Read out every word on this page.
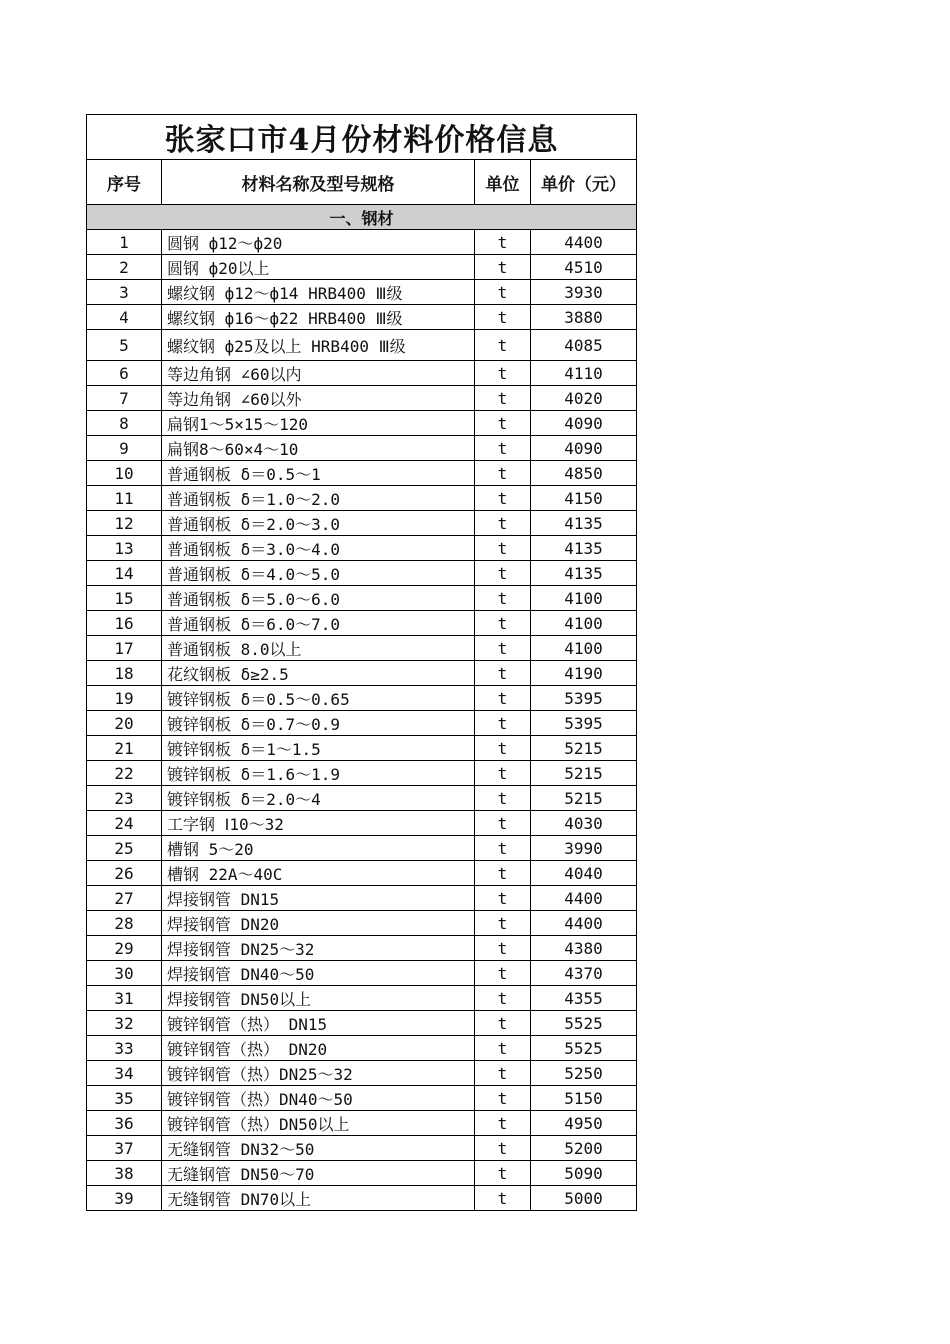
张家口市4月份材料价格信息			
序号	材料名称及型号规格	单位	单价（元）
一、钢材			
1	圆钢 ф12～ф20	t	4400
2	圆钢 ф20以上	t	4510
3	螺纹钢 ф12～ф14 HRB400 Ⅲ级	t	3930
4	螺纹钢 ф16～ф22 HRB400 Ⅲ级	t	3880
5	螺纹钢 ф25及以上 HRB400 Ⅲ级	t	4085
6	等边角钢 ∠60以内	t	4110
7	等边角钢 ∠60以外	t	4020
8	扁钢1～5×15～120	t	4090
9	扁钢8～60×4～10	t	4090
10	普通钢板 δ＝0.5～1	t	4850
11	普通钢板 δ＝1.0～2.0	t	4150
12	普通钢板 δ＝2.0～3.0	t	4135
13	普通钢板 δ＝3.0～4.0	t	4135
14	普通钢板 δ＝4.0～5.0	t	4135
15	普通钢板 δ＝5.0～6.0	t	4100
16	普通钢板 δ＝6.0～7.0	t	4100
17	普通钢板 8.0以上	t	4100
18	花纹钢板 δ≥2.5	t	4190
19	镀锌钢板 δ＝0.5～0.65	t	5395
20	镀锌钢板 δ＝0.7～0.9	t	5395
21	镀锌钢板 δ＝1～1.5	t	5215
22	镀锌钢板 δ＝1.6～1.9	t	5215
23	镀锌钢板 δ＝2.0～4	t	5215
24	工字钢 Ⅰ10～32	t	4030
25	槽钢 5～20	t	3990
26	槽钢 22A～40C	t	4040
27	焊接钢管 DN15	t	4400
28	焊接钢管 DN20	t	4400
29	焊接钢管 DN25～32	t	4380
30	焊接钢管 DN40～50	t	4370
31	焊接钢管 DN50以上	t	4355
32	镀锌钢管（热） DN15	t	5525
33	镀锌钢管（热） DN20	t	5525
34	镀锌钢管（热）DN25～32	t	5250
35	镀锌钢管（热）DN40～50	t	5150
36	镀锌钢管（热）DN50以上	t	4950
37	无缝钢管 DN32～50	t	5200
38	无缝钢管 DN50～70	t	5090
39	无缝钢管 DN70以上	t	5000
